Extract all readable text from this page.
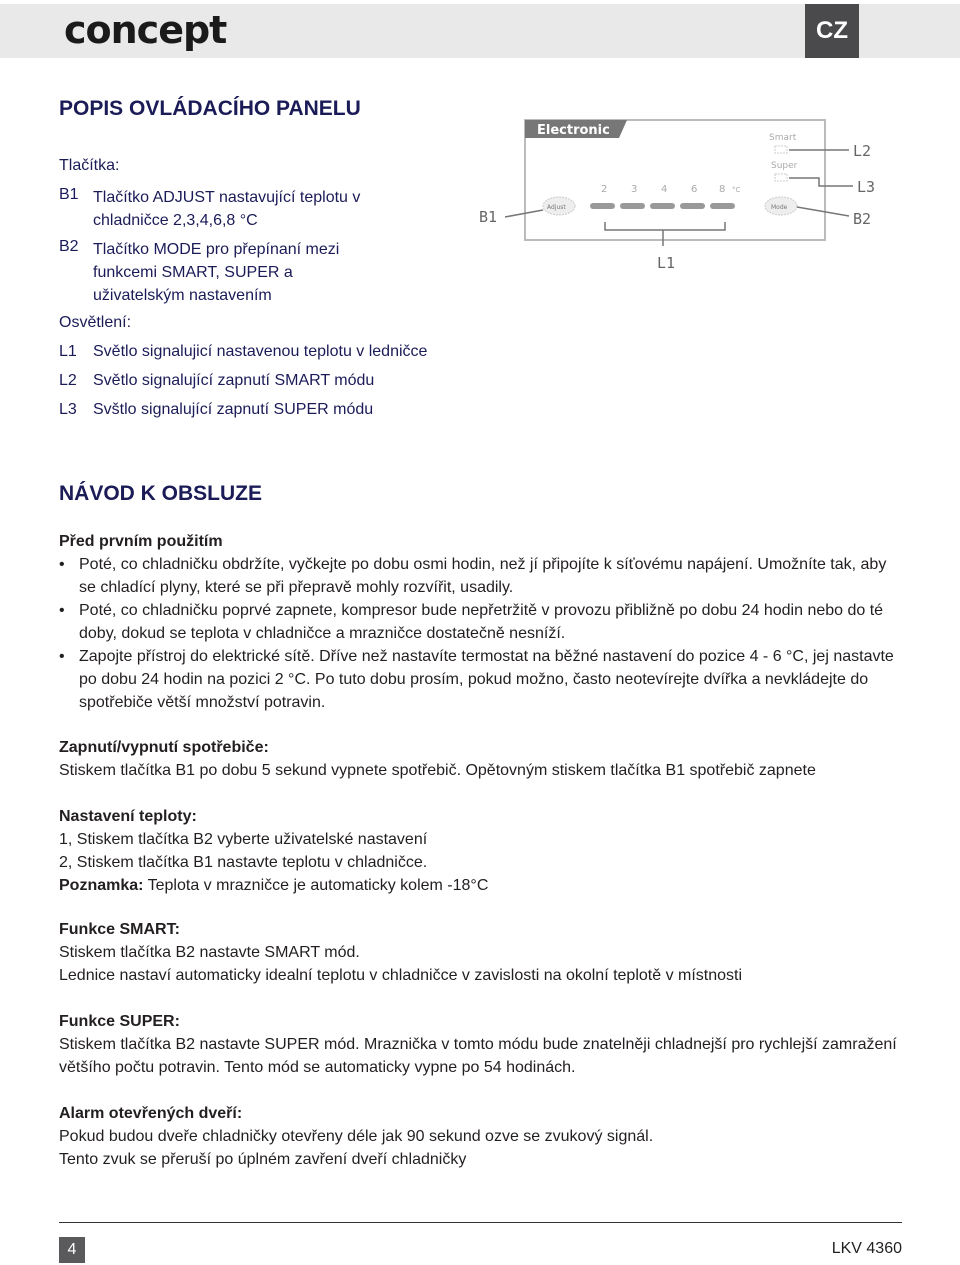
concept	CZ
POPIS OVLÁDACÍHO PANELU
Tlačítka:
B1 Tlačítko ADJUST nastavující teplotu v chladničce 2,3,4,6,8 °C
B2 Tlačítko MODE pro přepínaní mezi funkcemi SMART, SUPER a uživatelským nastavením
Osvětlení:
L1	Světlo signalujicí nastavenou teplotu v ledničce
L2	Světlo signalující zapnutí SMART módu
L3	Svštlo signalující zapnutí SUPER módu
Electronic	Smart
Super
2 3 4 6 8 °C
Adjust	Mode
L1
B1
L2
L3
B2
NÁVOD K OBSLUZE
Před prvním použitím
• Poté, co chladničku obdržíte, vyčkejte po dobu osmi hodin, než jí připojíte k síťovému napájení. Umožníte tak, aby se chladící plyny, které se při přepravě mohly rozvířit, usadily.
• Poté, co chladničku poprvé zapnete, kompresor bude nepřetržitě v provozu přibližně po dobu 24 hodin nebo do té doby, dokud se teplota v chladničce a mrazničce dostatečně nesníží.
• Zapojte přístroj do elektrické sítě. Dříve než nastavíte termostat na běžné nastavení do pozice 4 - 6 °C, jej nastavte po dobu 24 hodin na pozici 2 °C. Po tuto dobu prosím, pokud možno, často neotevírejte dvířka a nevkládejte do spotřebiče větší množství potravin.
Zapnutí/vypnutí spotřebiče:
Stiskem tlačítka B1 po dobu 5 sekund vypnete spotřebič. Opětovným stiskem tlačítka B1 spotřebič zapnete
Nastavení teploty:
1, Stiskem tlačítka B2 vyberte uživatelské nastavení
2, Stiskem tlačítka B1 nastavte teplotu v chladničce.
Poznamka: Teplota v mrazničce je automaticky kolem -18°C
Funkce SMART:
Stiskem tlačítka B2 nastavte SMART mód.
Lednice nastaví automaticky idealní teplotu v chladničce v zavislosti na okolní teplotě v místnosti
Funkce SUPER:
Stiskem tlačítka B2 nastavte SUPER mód. Mraznička v tomto módu bude znatelněji chladnejší pro rychlejší zamražení většího počtu potravin. Tento mód se automaticky vypne po 54 hodinách.
Alarm otevřených dveří:
Pokud budou dveře chladničky otevřeny déle jak 90 sekund ozve se zvukový signál.
Tento zvuk se přeruší po úplném zavření dveří chladničky
4	LKV 4360
